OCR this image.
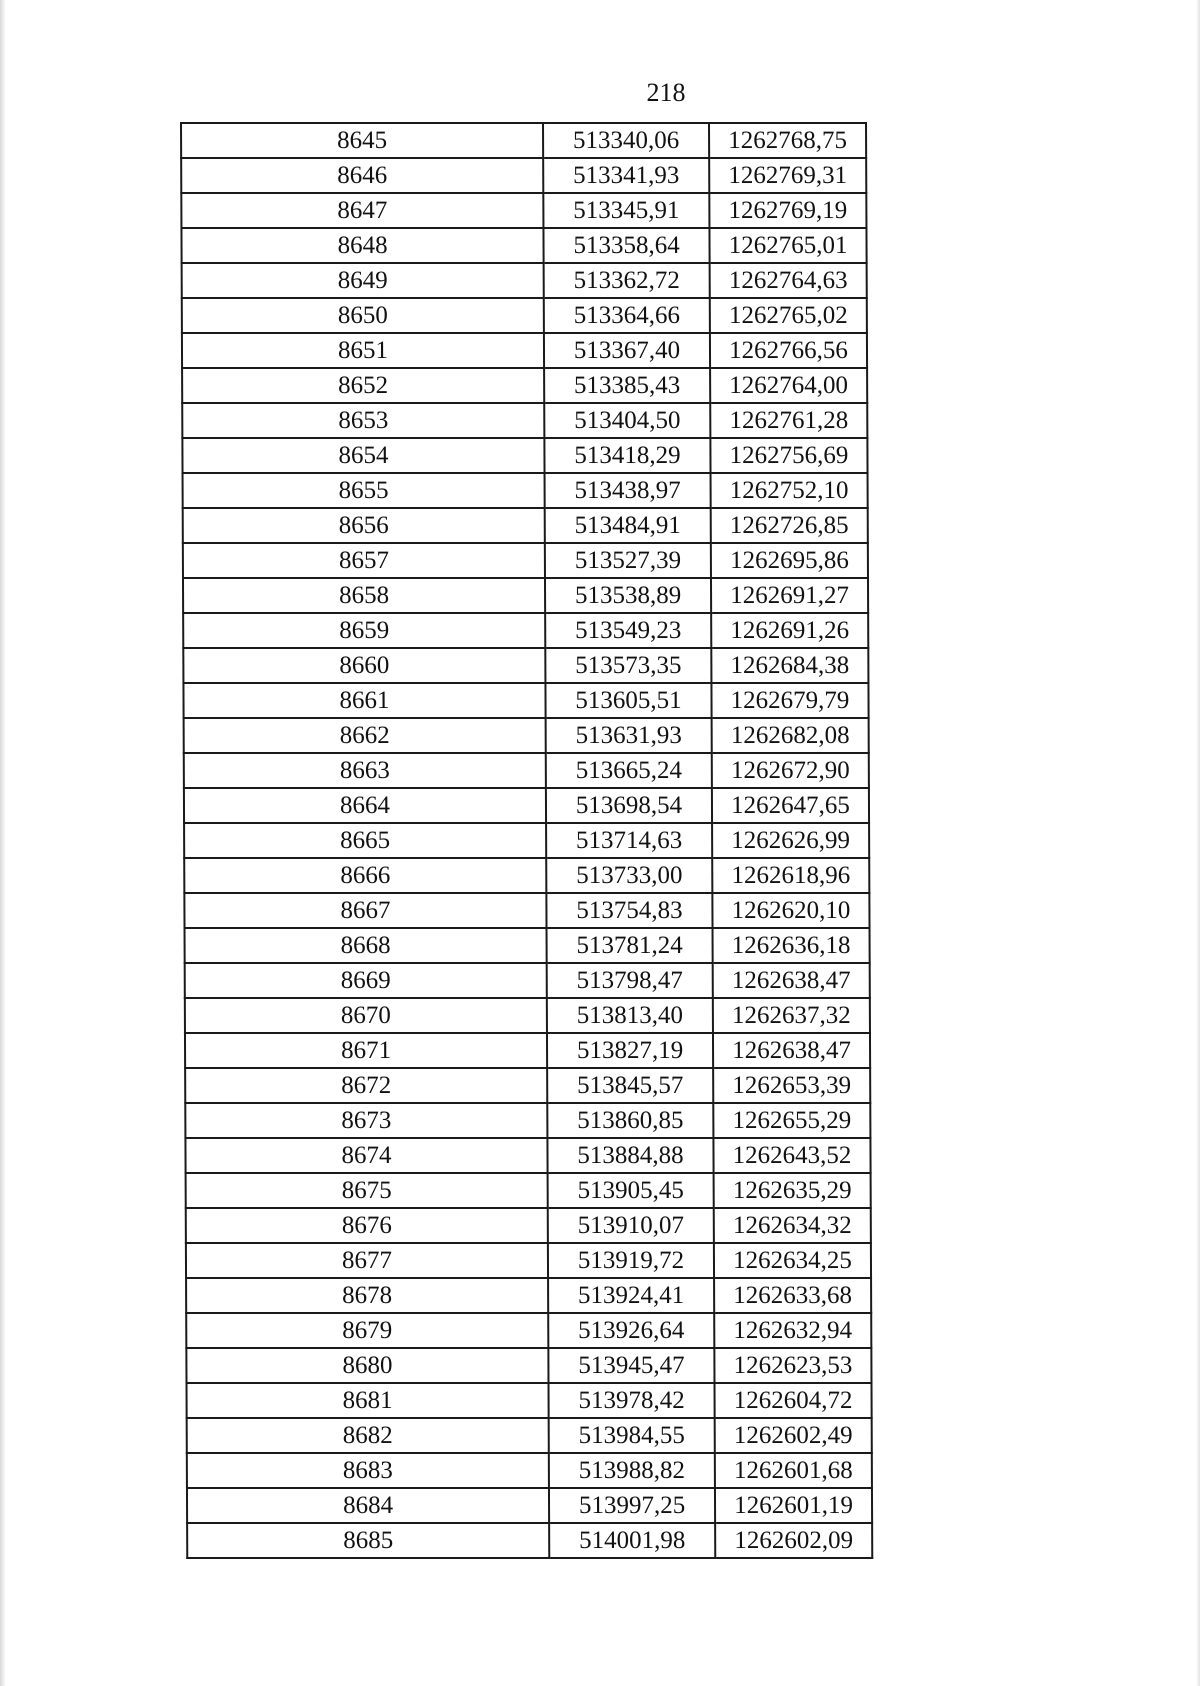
218
8645	513340,06	1262768,75
8646	513341,93	1262769,31
8647	513345,91	1262769,19
8648	513358,64	1262765,01
8649	513362,72	1262764,63
8650	513364,66	1262765,02
8651	513367,40	1262766,56
8652	513385,43	1262764,00
8653	513404,50	1262761,28
8654	513418,29	1262756,69
8655	513438,97	1262752,10
8656	513484,91	1262726,85
8657	513527,39	1262695,86
8658	513538,89	1262691,27
8659	513549,23	1262691,26
8660	513573,35	1262684,38
8661	513605,51	1262679,79
8662	513631,93	1262682,08
8663	513665,24	1262672,90
8664	513698,54	1262647,65
8665	513714,63	1262626,99
8666	513733,00	1262618,96
8667	513754,83	1262620,10
8668	513781,24	1262636,18
8669	513798,47	1262638,47
8670	513813,40	1262637,32
8671	513827,19	1262638,47
8672	513845,57	1262653,39
8673	513860,85	1262655,29
8674	513884,88	1262643,52
8675	513905,45	1262635,29
8676	513910,07	1262634,32
8677	513919,72	1262634,25
8678	513924,41	1262633,68
8679	513926,64	1262632,94
8680	513945,47	1262623,53
8681	513978,42	1262604,72
8682	513984,55	1262602,49
8683	513988,82	1262601,68
8684	513997,25	1262601,19
8685	514001,98	1262602,09
